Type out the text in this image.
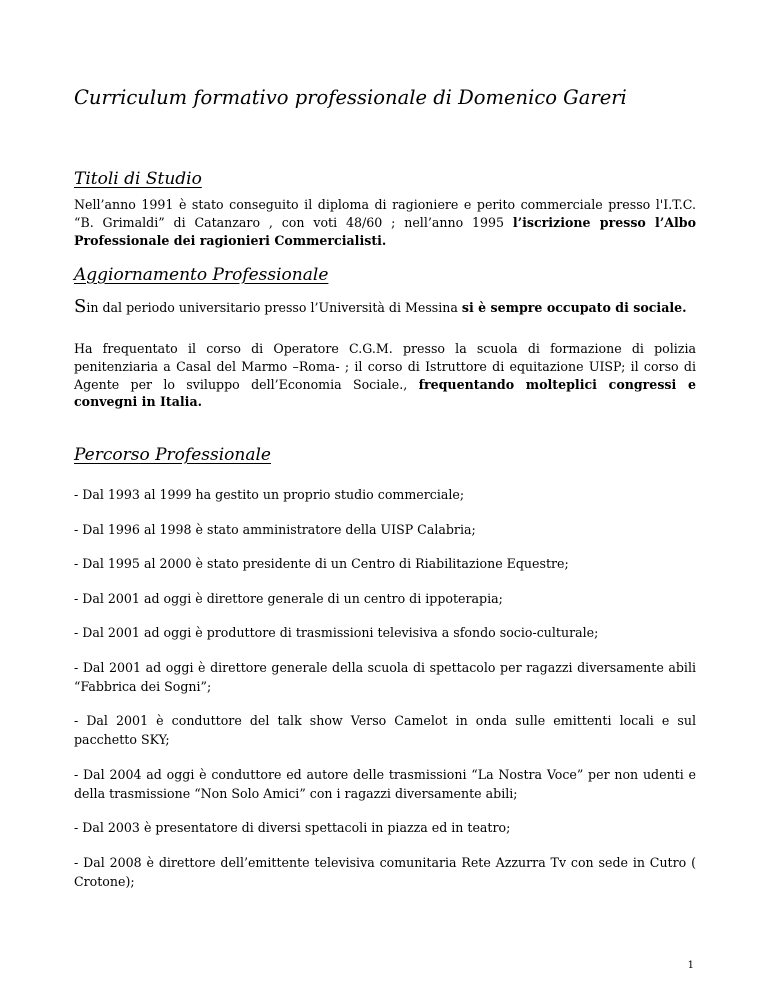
Curriculum formativo professionale di Domenico Gareri
Titoli di Studio

Nell’anno 1991 è stato conseguito il diploma di ragioniere e perito commerciale presso l'I.T.C. “B. Grimaldi” di Catanzaro , con voti 48/60 ; nell’anno 1995 l’iscrizione presso l’Albo Professionale dei ragionieri Commercialisti.

Aggiornamento Professionale

Sin dal periodo universitario presso l’Università di Messina si è sempre occupato di sociale.

Ha frequentato il corso di Operatore C.G.M. presso la scuola di formazione di polizia penitenziaria a Casal del Marmo –Roma- ; il corso di Istruttore di equitazione UISP; il corso di Agente per lo sviluppo dell’Economia Sociale., frequentando molteplici congressi e convegni in Italia.

Percorso Professionale
- Dal 1993 al 1999 ha gestito un proprio studio commerciale;
- Dal 1996 al 1998 è stato amministratore della UISP Calabria;
- Dal 1995 al 2000 è stato presidente di un Centro di Riabilitazione Equestre;
- Dal 2001 ad oggi è direttore generale di un centro di ippoterapia;
- Dal 2001 ad oggi è produttore di trasmissioni televisiva a sfondo socio-culturale;
- Dal 2001 ad oggi è direttore generale della scuola di spettacolo per ragazzi diversamente abili “Fabbrica dei Sogni”;
- Dal 2001 è conduttore del talk show Verso Camelot in onda sulle emittenti locali e sul pacchetto SKY;
- Dal 2004 ad oggi è conduttore ed autore delle trasmissioni “La Nostra Voce” per non udenti e della trasmissione “Non Solo Amici” con i ragazzi diversamente abili;
- Dal 2003 è presentatore di diversi spettacoli in piazza ed in teatro;
- Dal 2008 è direttore dell’emittente televisiva comunitaria Rete Azzurra Tv con sede in Cutro ( Crotone);
1
